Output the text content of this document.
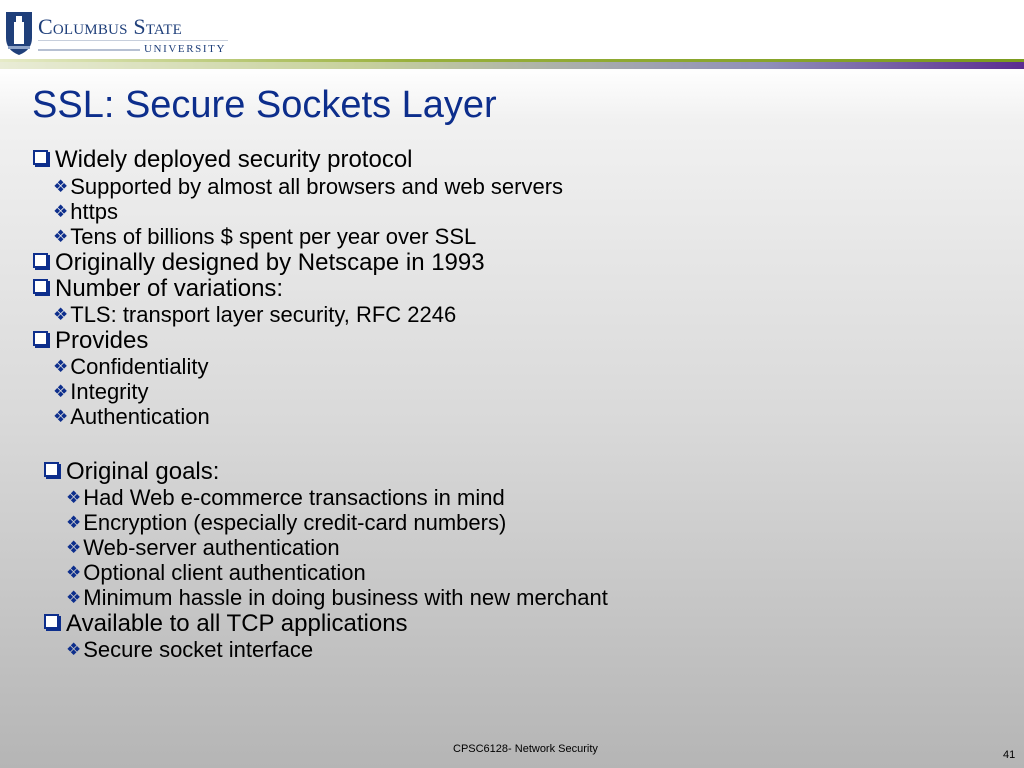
Columbus State
UNIVERSITY
SSL: Secure Sockets Layer
Widely deployed security protocol
❖Supported by almost all browsers and web servers
❖https
❖Tens of billions $ spent per year over SSL
Originally designed by Netscape in 1993
Number of variations:
❖TLS: transport layer security, RFC 2246
Provides
❖Confidentiality
❖Integrity
❖Authentication
Original goals:
❖Had Web e-commerce transactions in mind
❖Encryption (especially credit-card numbers)
❖Web-server authentication
❖Optional client authentication
❖Minimum hassle in doing business with new merchant
Available to all TCP applications
❖Secure socket interface
CPSC6128- Network Security	41
